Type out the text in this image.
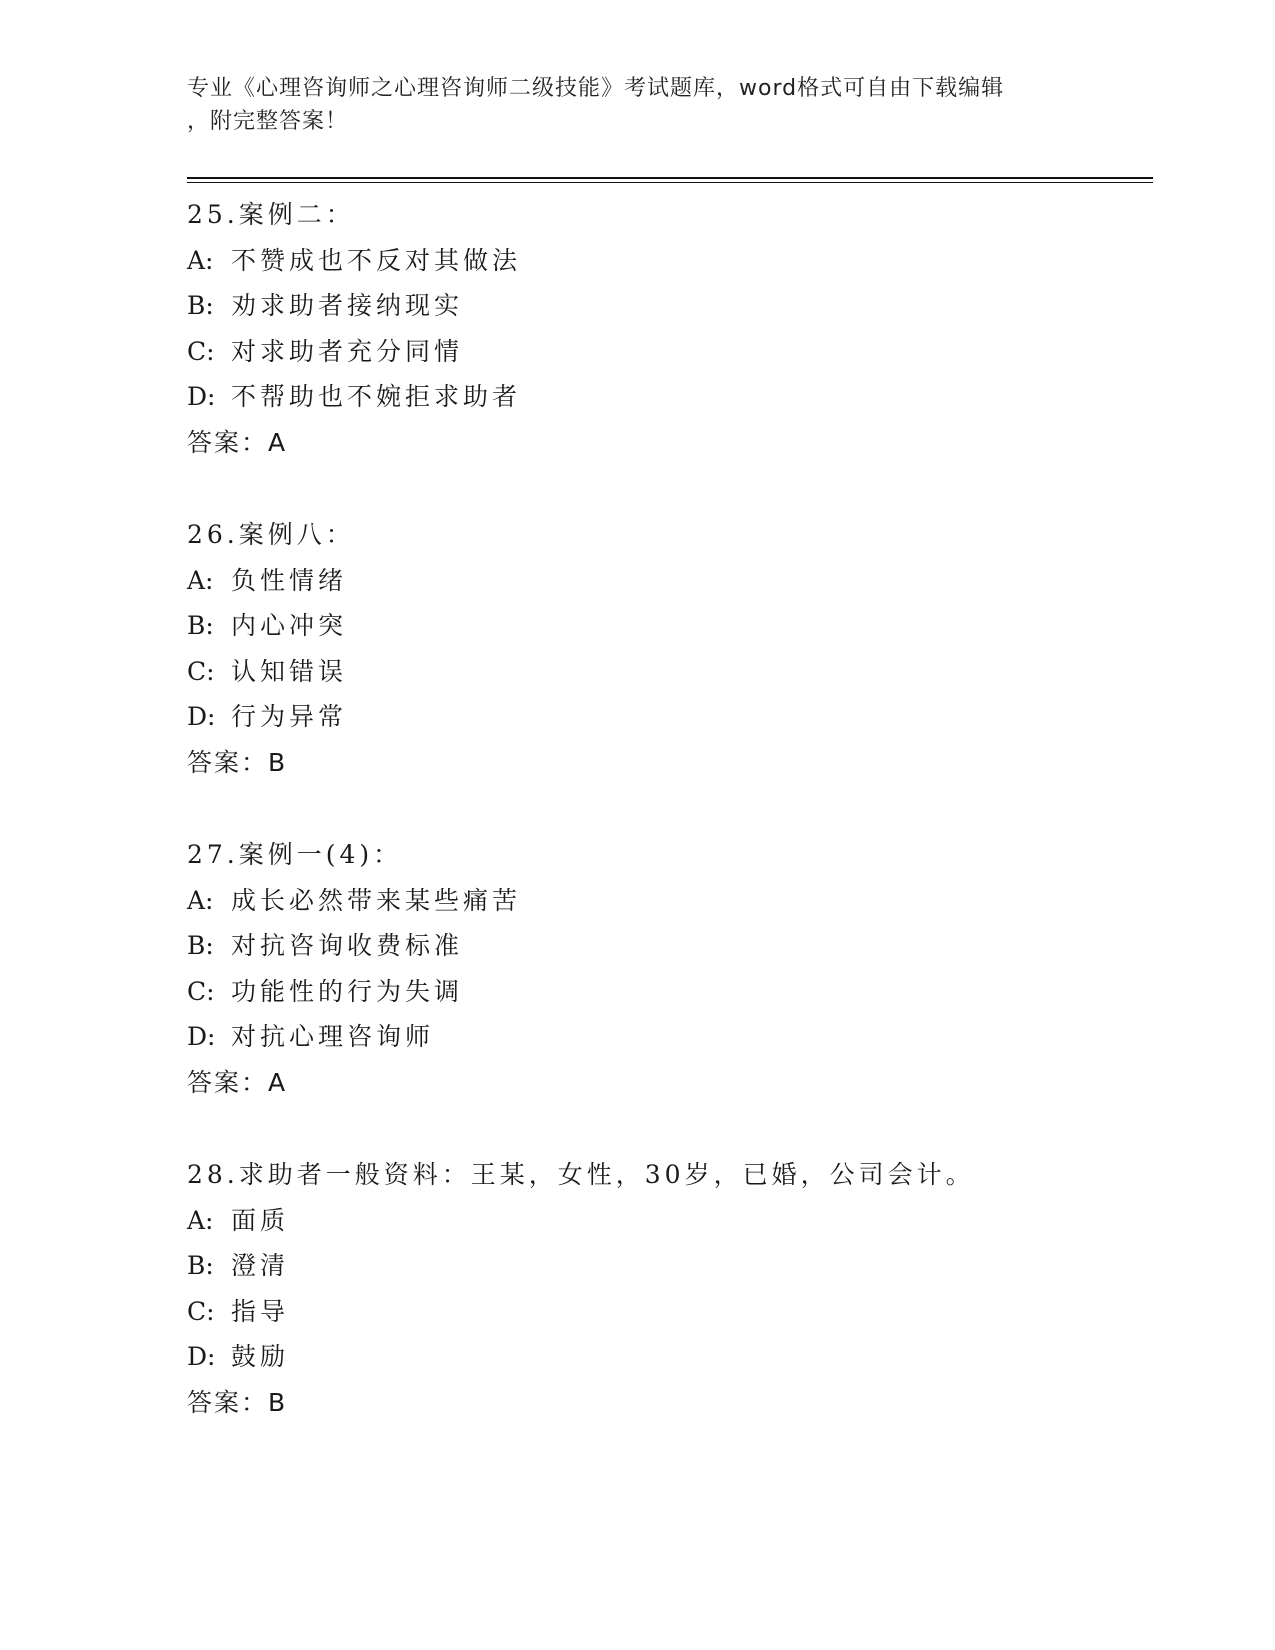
专业《心理咨询师之心理咨询师二级技能》考试题库，word格式可自由下载编辑
，附完整答案！
25.案例二：
A: 不赞成也不反对其做法
B: 劝求助者接纳现实
C: 对求助者充分同情
D: 不帮助也不婉拒求助者
答案：A
26.案例八：
A: 负性情绪
B: 内心冲突
C: 认知错误
D: 行为异常
答案：B
27.案例一(4)：
A: 成长必然带来某些痛苦
B: 对抗咨询收费标准
C: 功能性的行为失调
D: 对抗心理咨询师
答案：A
28.求助者一般资料：王某，女性，30岁，已婚，公司会计。
A: 面质
B: 澄清
C: 指导
D: 鼓励
答案：B
